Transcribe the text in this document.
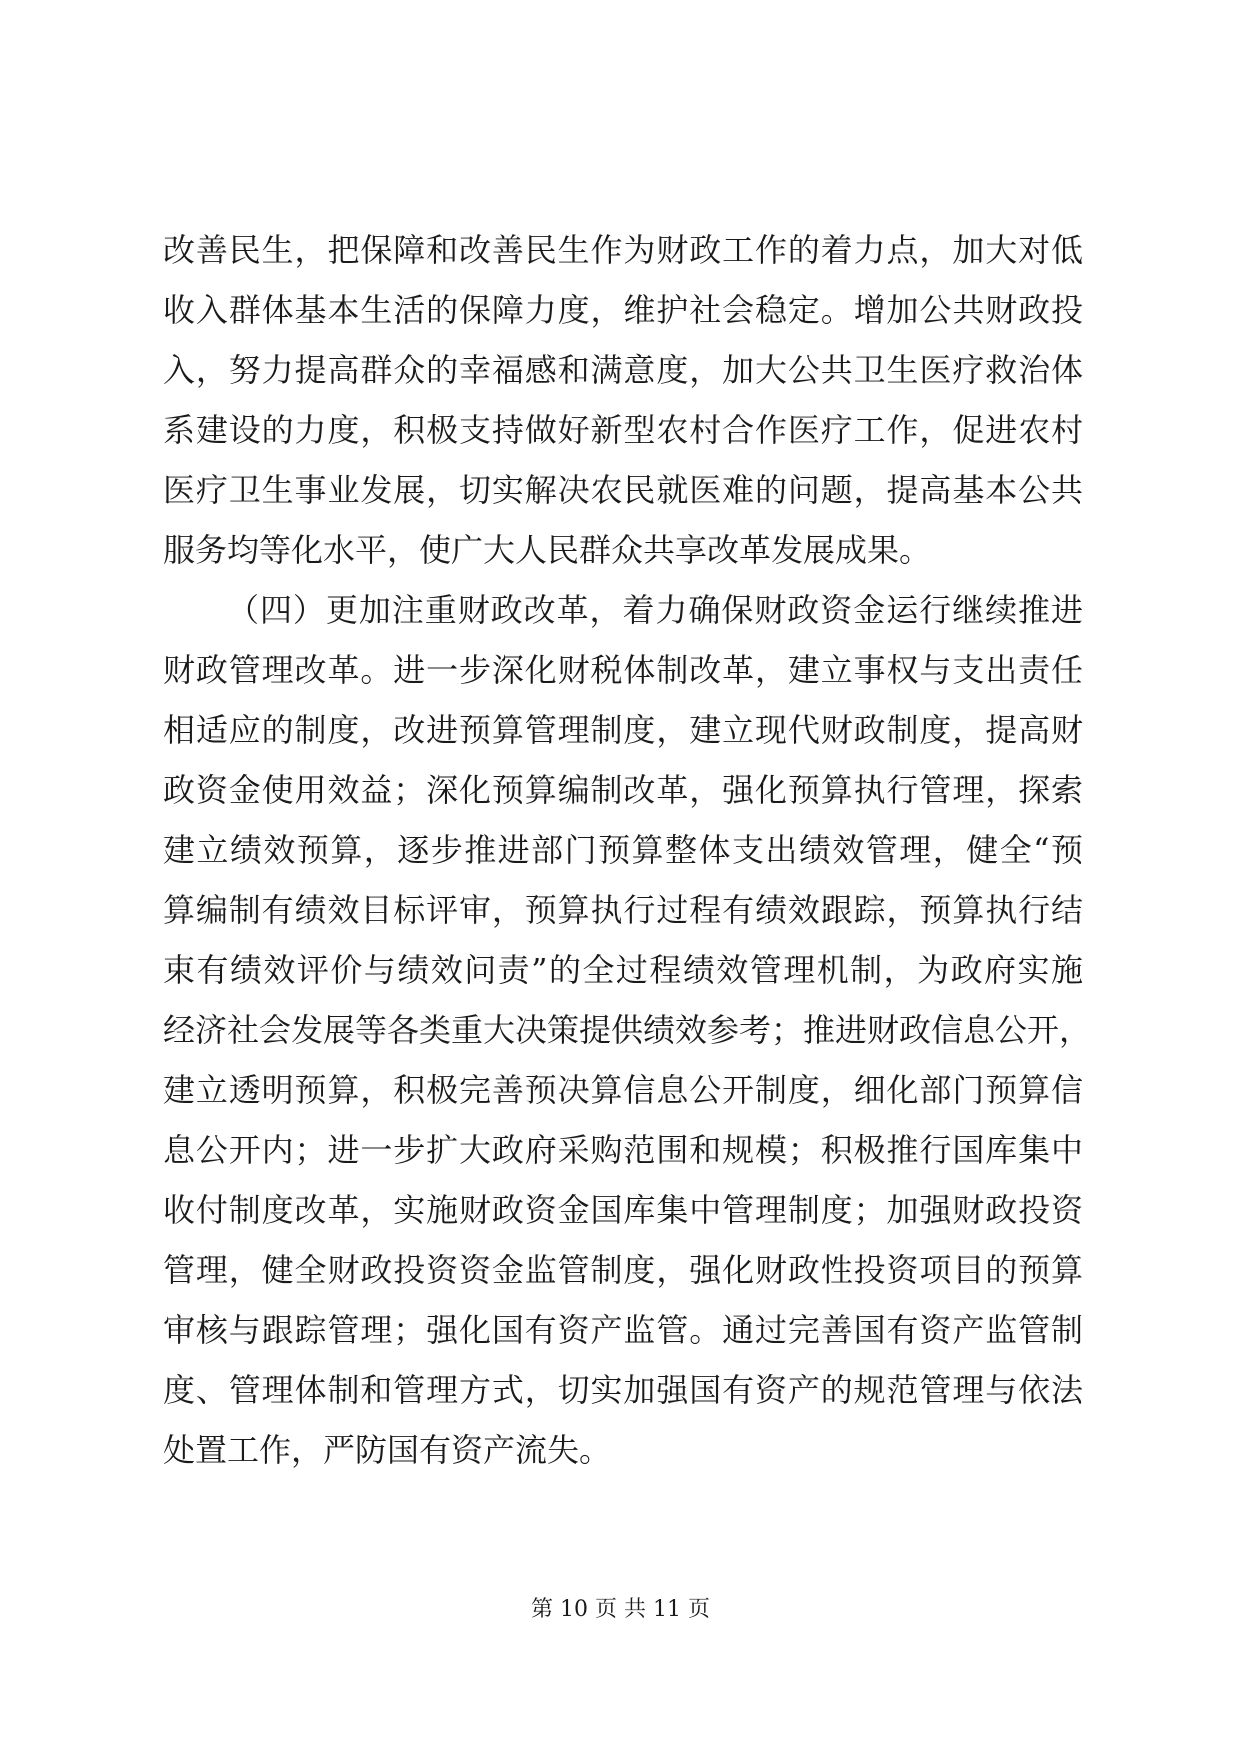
改善民生，把保障和改善民生作为财政工作的着力点，加大对低
收入群体基本生活的保障力度，维护社会稳定。增加公共财政投
入，努力提高群众的幸福感和满意度，加大公共卫生医疗救治体
系建设的力度，积极支持做好新型农村合作医疗工作，促进农村
医疗卫生事业发展，切实解决农民就医难的问题，提高基本公共
服务均等化水平，使广大人民群众共享改革发展成果。
（四）更加注重财政改革，着力确保财政资金运行继续推进
财政管理改革。进一步深化财税体制改革，建立事权与支出责任
相适应的制度，改进预算管理制度，建立现代财政制度，提高财
政资金使用效益；深化预算编制改革，强化预算执行管理，探索
建立绩效预算，逐步推进部门预算整体支出绩效管理，健全“预
算编制有绩效目标评审，预算执行过程有绩效跟踪，预算执行结
束有绩效评价与绩效问责”的全过程绩效管理机制，为政府实施
经济社会发展等各类重大决策提供绩效参考；推进财政信息公开，
建立透明预算，积极完善预决算信息公开制度，细化部门预算信
息公开内；进一步扩大政府采购范围和规模；积极推行国库集中
收付制度改革，实施财政资金国库集中管理制度；加强财政投资
管理，健全财政投资资金监管制度，强化财政性投资项目的预算
审核与跟踪管理；强化国有资产监管。通过完善国有资产监管制
度、管理体制和管理方式，切实加强国有资产的规范管理与依法
处置工作，严防国有资产流失。
第 10 页 共 11 页
